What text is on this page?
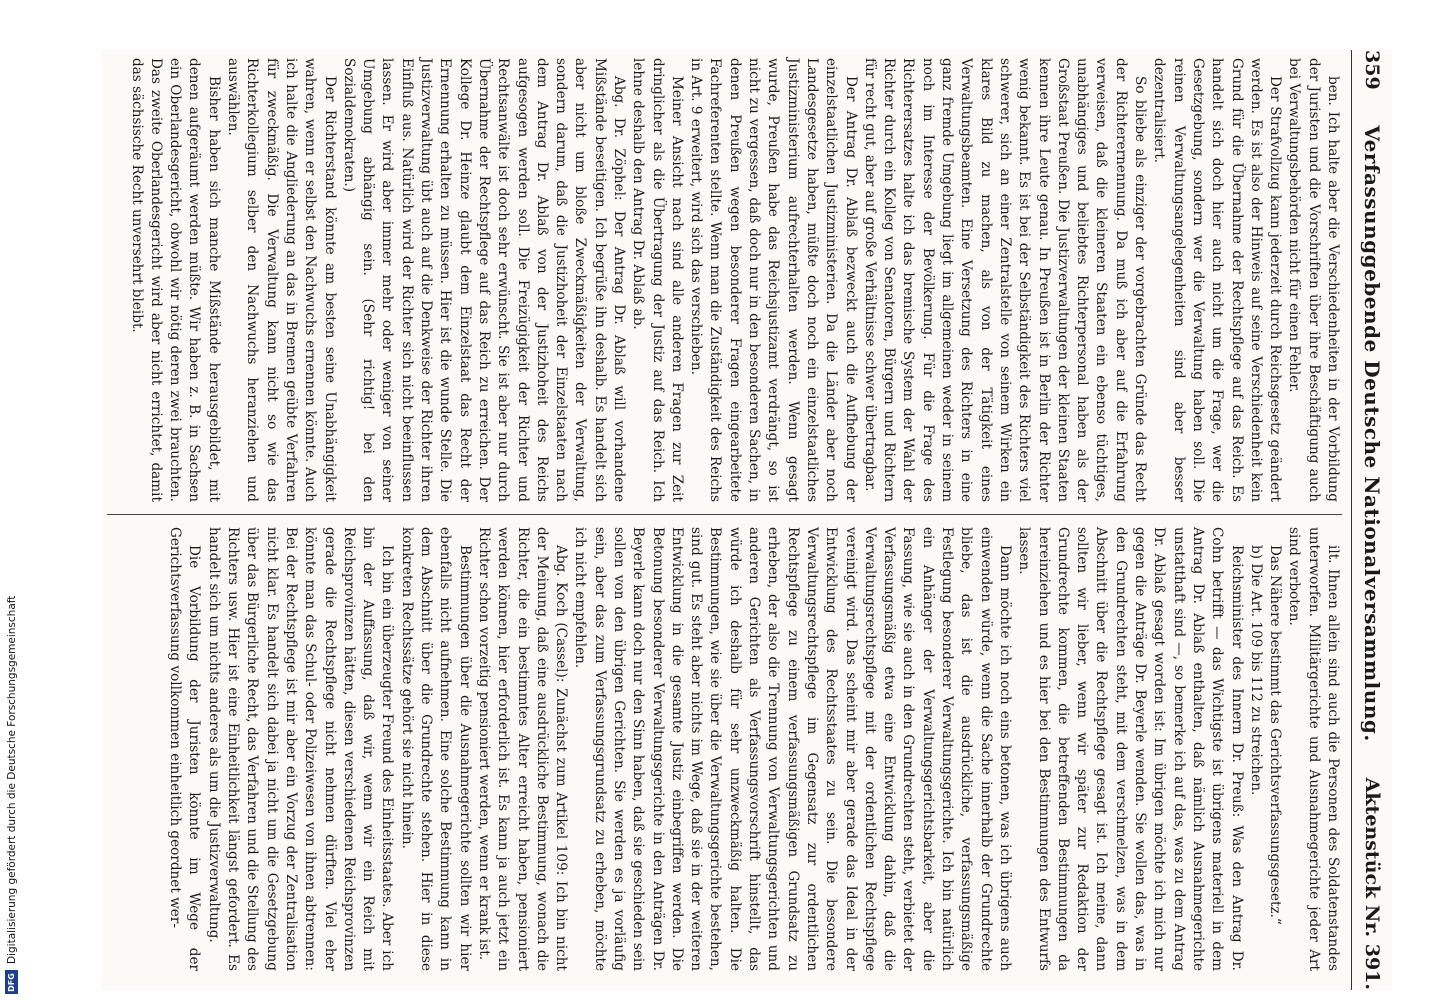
359
Verfassunggebende Deutsche Nationalversammlung.
Aktenstück Nr. 391.

ben. Ich halte aber die Verschiedenheiten in der Vorbildung der Juristen und die Vorschriften über ihre Beschäftigung auch bei Verwaltungsbehörden nicht für einen Fehler.

Der Strafvollzug kann jederzeit durch Reichsgesetz geändert werden. Es ist also der Hinweis auf seine Verschiedenheit kein Grund für die Übernahme der Rechtspflege auf das Reich. Es handelt sich doch hier auch nicht um die Frage, wer die Gesetzgebung, sondern wer die Verwaltung haben soll. Die reinen Verwaltungsangelegenheiten sind aber besser dezentralisiert.

So bliebe als einziger der vorgebrachten Gründe das Recht der Richterernennung. Da muß ich aber auf die Erfahrung verweisen, daß die kleineren Staaten ein ebenso tüchtiges, unabhängiges und beliebtes Richterpersonal haben als der Großstaat Preußen. Die Justizverwaltungen der kleinen Staaten kennen ihre Leute genau. In Preußen ist in Berlin der Richter wenig bekannt. Es ist bei der Selbständigkeit des Richters viel schwerer, sich an einer Zentralstelle von seinem Wirken ein klares Bild zu machen, als von der Tätigkeit eines Verwaltungsbeamten. Eine Versetzung des Richters in eine ganz fremde Umgebung liegt im allgemeinen weder in seinem noch im Interesse der Bevölkerung. Für die Frage des Richterersatzes halte ich das bremische System der Wahl der Richter durch ein Kolleg von Senatoren, Bürgern und Richtern für recht gut, aber auf große Verhältnisse schwer übertragbar.

Der Antrag Dr. Ablaß bezweckt auch die Aufhebung der einzelstaatlichen Justizministerien. Da die Länder aber noch Landesgesetze haben, müßte doch noch ein einzelstaatliches Justizministerium aufrechterhalten werden. Wenn gesagt wurde, Preußen habe das Reichsjustizamt verdrängt, so ist nicht zu vergessen, daß doch nur in den besonderen Sachen, in denen Preußen wegen besonderer Fragen eingearbeitete Fachreferenten stellte. Wenn man die Zuständigkeit des Reichs in Art. 9 erweitert, wird sich das verschieben.

Meiner Ansicht nach sind alle anderen Fragen zur Zeit dringlicher als die Übertragung der Justiz auf das Reich. Ich lehne deshalb den Antrag Dr. Ablaß ab.

Abg. Dr. Zöphel: Der Antrag Dr. Ablaß will vorhandene Mißstände beseitigen. Ich begrüße ihn deshalb. Es handelt sich aber nicht um bloße Zweckmäßigkeiten der Verwaltung, sondern darum, daß die Justizhoheit der Einzelstaaten nach dem Antrag Dr. Ablaß von der Justizhoheit des Reichs aufgesogen werden soll. Die Freizügigkeit der Richter und Rechtsanwälte ist doch sehr erwünscht. Sie ist aber nur durch Übernahme der Rechtspflege auf das Reich zu erreichen. Der Kollege Dr. Heinze glaubt dem Einzelstaat das Recht der Ernennung erhalten zu müssen. Hier ist die wunde Stelle. Die Justizverwaltung übt auch auf die Denkweise der Richter ihren Einfluß aus. Natürlich wird der Richter sich nicht beeinflussen lassen. Er wird aber immer mehr oder weniger von seiner Umgebung abhängig sein. (Sehr richtig! bei den Sozialdemokraten.)

Der Richterstand könnte am besten seine Unabhängigkeit wahren, wenn er selbst den Nachwuchs ernennen könnte. Auch ich halte die Angliederung an das in Bremen geübte Verfahren für zweckmäßig. Die Verwaltung kann nicht so wie das Richterkollegium selber den Nachwuchs heranziehen und auswählen.

Bisher haben sich manche Mißstände herausgebildet, mit denen aufgeräumt werden müßte. Wir haben z. B. in Sachsen ein Oberlandesgericht, obwohl wir nötig deren zwei brauchten. Das zweite Oberlandesgericht wird aber nicht errichtet, damit das sächsische Recht unversehrt bleibt.

ilt. Ihnen allein sind auch die Personen des Soldatenstandes unterworfen. Militärgerichte und Ausnahmegerichte jeder Art sind verboten.

Das Nähere bestimmt das Gerichtsverfassungsgesetz.“

b) Die Art. 109 bis 112 zu streichen.

Reichsminister des Innern Dr. Preuß: Was den Antrag Dr. Cohn betrifft — das Wichtigste ist übrigens materiell in dem Antrag Dr. Ablaß enthalten, daß nämlich Ausnahmegerichte unstatthaft sind —, so bemerke ich auf das, was zu dem Antrag Dr. Ablaß gesagt worden ist: Im übrigen möchte ich mich nur gegen die Anträge Dr. Beyerle wenden. Sie wollen das, was in den Grundrechten steht, mit dem verschmelzen, was in dem Abschnitt über die Rechtspflege gesagt ist. Ich meine, dann sollten wir lieber, wenn wir später zur Redaktion der Grundrechte kommen, die betreffenden Bestimmungen da hereinziehen und es hier bei den Bestimmungen des Entwurfs lassen.

Dann möchte ich noch eins betonen, was ich übrigens auch einwenden würde, wenn die Sache innerhalb der Grundrechte bliebe, das ist die ausdrückliche, verfassungsmäßige Festlegung besonderer Verwaltungsgerichte. Ich bin natürlich ein Anhänger der Verwaltungsgerichtsbarkeit, aber die Fassung, wie sie auch in den Grundrechten steht, verbietet der Verfassungsmäßig etwa eine Entwicklung dahin, daß die Verwaltungsrechtspflege mit der ordentlichen Rechtspflege vereinigt wird. Das scheint mir aber gerade das Ideal in der Entwicklung des Rechtsstaates zu sein. Die besondere Verwaltungsrechtspflege im Gegensatz zur ordentlichen Rechtspflege zu einem verfassungsmäßigen Grundsatz zu erheben, der also die Trennung von Verwaltungsgerichten und anderen Gerichten als Verfassungsvorschrift hinstellt, das würde ich deshalb für sehr unzweckmäßig halten. Die Bestimmungen, wie sie über die Verwaltungsgerichte bestehen, sind gut. Es steht aber nichts im Wege, daß sie in der weiteren Entwicklung in die gesamte Justiz einbegriffen werden. Die Betonung besonderer Verwaltungsgerichte in den Anträgen Dr. Beyerle kann doch nur den Sinn haben, daß sie geschieden sein sollen von den übrigen Gerichten. Sie werden es ja vorläufig sein, aber das zum Verfassungsgrundsatz zu erheben, möchte ich nicht empfehlen.

Abg. Koch (Cassel): Zunächst zum Artikel 109: Ich bin nicht der Meinung, daß eine ausdrückliche Bestimmung, wonach die Richter, die ein bestimmtes Alter erreicht haben, pensioniert werden können, hier erforderlich ist. Es kann ja auch jetzt ein Richter schon vorzeitig pensioniert werden, wenn er krank ist.

Bestimmungen über die Ausnahmegerichte sollten wir hier ebenfalls nicht aufnehmen. Eine solche Bestimmung kann in dem Abschnitt über die Grundrechte stehen. Hier in diese konkreten Rechtssätze gehört sie nicht hinein.

Ich bin ein überzeugter Freund des Einheitsstaates. Aber ich bin der Auffassung, daß wir, wenn wir ein Reich mit Reichsprovinzen hätten, diesen verschiedenen Reichsprovinzen gerade die Rechtspflege nicht nehmen dürften. Viel eher könnte man das Schul- oder Polizeiwesen von ihnen abtrennen: Bei der Rechtspflege ist mir aber ein Vorzug der Zentralisation nicht klar. Es handelt sich dabei ja nicht um die Gesetzgebung über das Bürgerliche Recht, das Verfahren und die Stellung des Richters usw. Hier ist eine Einheitlichkeit längst gefordert. Es handelt sich um nichts anderes als um die Justizverwaltung.

Die Vorbildung der Juristen könnte im Wege der Gerichtsverfassung vollkommen einheitlich geordnet wer-

Digitalisierung gefördert durch die Deutsche Forschungsgemeinschaft
DFG
